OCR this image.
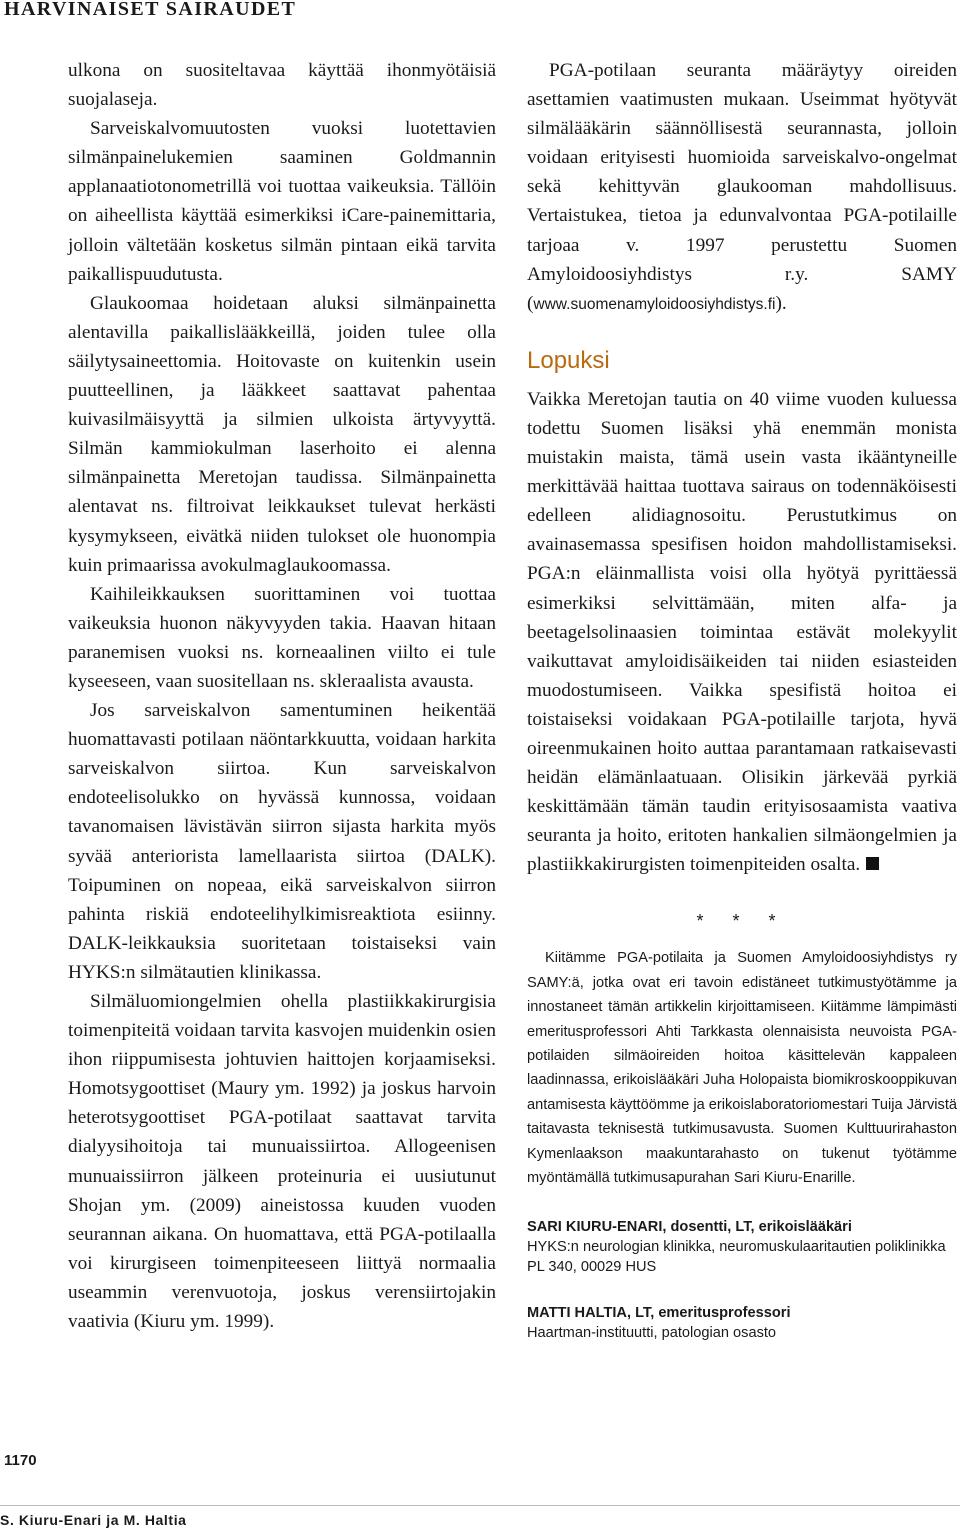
HARVINAISET SAIRAUDET

ulkona on suositeltavaa käyttää ihonmyötäisiä suojalaseja.

Sarveiskalvomuutosten vuoksi luotettavien silmänpainelukemien saaminen Goldmannin applanaatiotonometrillä voi tuottaa vaikeuksia. Tällöin on aiheellista käyttää esimerkiksi iCare-painemittaria, jolloin vältetään kosketus silmän pintaan eikä tarvita paikallispuudutusta.

Glaukoomaa hoidetaan aluksi silmänpainetta alentavilla paikallislääkkeillä, joiden tulee olla säilytysaineettomia. Hoitovaste on kuitenkin usein puutteellinen, ja lääkkeet saattavat pahentaa kuivasilmäisyyttä ja silmien ulkoista ärtyvyyttä. Silmän kammiokulman laserhoito ei alenna silmänpainetta Meretojan taudissa. Silmänpainetta alentavat ns. filtroivat leikkaukset tulevat herkästi kysymykseen, eivätkä niiden tulokset ole huonompia kuin primaarissa avokulmaglaukoomassa.

Kaihileikkauksen suorittaminen voi tuottaa vaikeuksia huonon näkyvyyden takia. Haavan hitaan paranemisen vuoksi ns. korneaalinen viilto ei tule kyseeseen, vaan suositellaan ns. skleraalista avausta.

Jos sarveiskalvon samentuminen heikentää huomattavasti potilaan näöntarkkuutta, voidaan harkita sarveiskalvon siirtoa. Kun sarveiskalvon endoteelisolukko on hyvässä kunnossa, voidaan tavanomaisen lävistävän siirron sijasta harkita myös syvää anteriorista lamellaarista siirtoa (DALK). Toipuminen on nopeaa, eikä sarveiskalvon siirron pahinta riskiä endoteelihylkimisreaktiota esiinny. DALK-leikkauksia suoritetaan toistaiseksi vain HYKS:n silmätautien klinikassa.

Silmäluomiongelmien ohella plastiikkakirurgisia toimenpiteitä voidaan tarvita kasvojen muidenkin osien ihon riippumisesta johtuvien haittojen korjaamiseksi. Homotsygoottiset (Maury ym. 1992) ja joskus harvoin heterotsygoottiset PGA-potilaat saattavat tarvita dialyysihoitoja tai munuaissiirtoa. Allogeenisen munuaissiirron jälkeen proteinuria ei uusiutunut Shojan ym. (2009) aineistossa kuuden vuoden seurannan aikana. On huomattava, että PGA-potilaalla voi kirurgiseen toimenpiteeseen liittyä normaalia useammin verenvuotoja, joskus verensiirtojakin vaativia (Kiuru ym. 1999).

PGA-potilaan seuranta määräytyy oireiden asettamien vaatimusten mukaan. Useimmat hyötyvät silmälääkärin säännöllisestä seurannasta, jolloin voidaan erityisesti huomioida sarveiskalvo-ongelmat sekä kehittyvän glaukooman mahdollisuus. Vertaistukea, tietoa ja edunvalvontaa PGA-potilaille tarjoaa v. 1997 perustettu Suomen Amyloidoosiyhdistys r.y. SAMY (www.suomenamyloidoosiyhdistys.fi).

Lopuksi

Vaikka Meretojan tautia on 40 viime vuoden kuluessa todettu Suomen lisäksi yhä enemmän monista muistakin maista, tämä usein vasta ikääntyneille merkittävää haittaa tuottava sairaus on todennäköisesti edelleen alidiagnosoitu. Perustutkimus on avainasemassa spesifisen hoidon mahdollistamiseksi. PGA:n eläinmallista voisi olla hyötyä pyrittäessä esimerkiksi selvittämään, miten alfa- ja beetagelsolinaasien toimintaa estävät molekyylit vaikuttavat amyloidisäikeiden tai niiden esiasteiden muodostumiseen. Vaikka spesifistä hoitoa ei toistaiseksi voidakaan PGA-potilaille tarjota, hyvä oireenmukainen hoito auttaa parantamaan ratkaisevasti heidän elämänlaatuaan. Olisikin järkevää pyrkiä keskittämään tämän taudin erityisosaamista vaativa seuranta ja hoito, eritoten hankalien silmäongelmien ja plastiikkakirurgisten toimenpiteiden osalta.

* * *

Kiitämme PGA-potilaita ja Suomen Amyloidoosiyhdistys ry SAMY:ä, jotka ovat eri tavoin edistäneet tutkimustyötämme ja innostaneet tämän artikkelin kirjoittamiseen. Kiitämme lämpimästi emeritusprofessori Ahti Tarkkasta olennaisista neuvoista PGA-potilaiden silmäoireiden hoitoa käsittelevän kappaleen laadinnassa, erikoislääkäri Juha Holopaista biomikroskooppikuvan antamisesta käyttöömme ja erikoislaboratoriomestari Tuija Järvistä taitavasta teknisestä tutkimusavusta. Suomen Kulttuurirahaston Kymenlaakson maakuntarahasto on tukenut työtämme myöntämällä tutkimusapurahan Sari Kiuru-Enarille.

SARI KIURU-ENARI, dosentti, LT, erikoislääkäri
HYKS:n neurologian klinikka, neuromuskulaaritautien poliklinikka
PL 340, 00029 HUS
MATTI HALTIA, LT, emeritusprofessori
Haartman-instituutti, patologian osasto
1170
S. Kiuru-Enari ja M. Haltia
